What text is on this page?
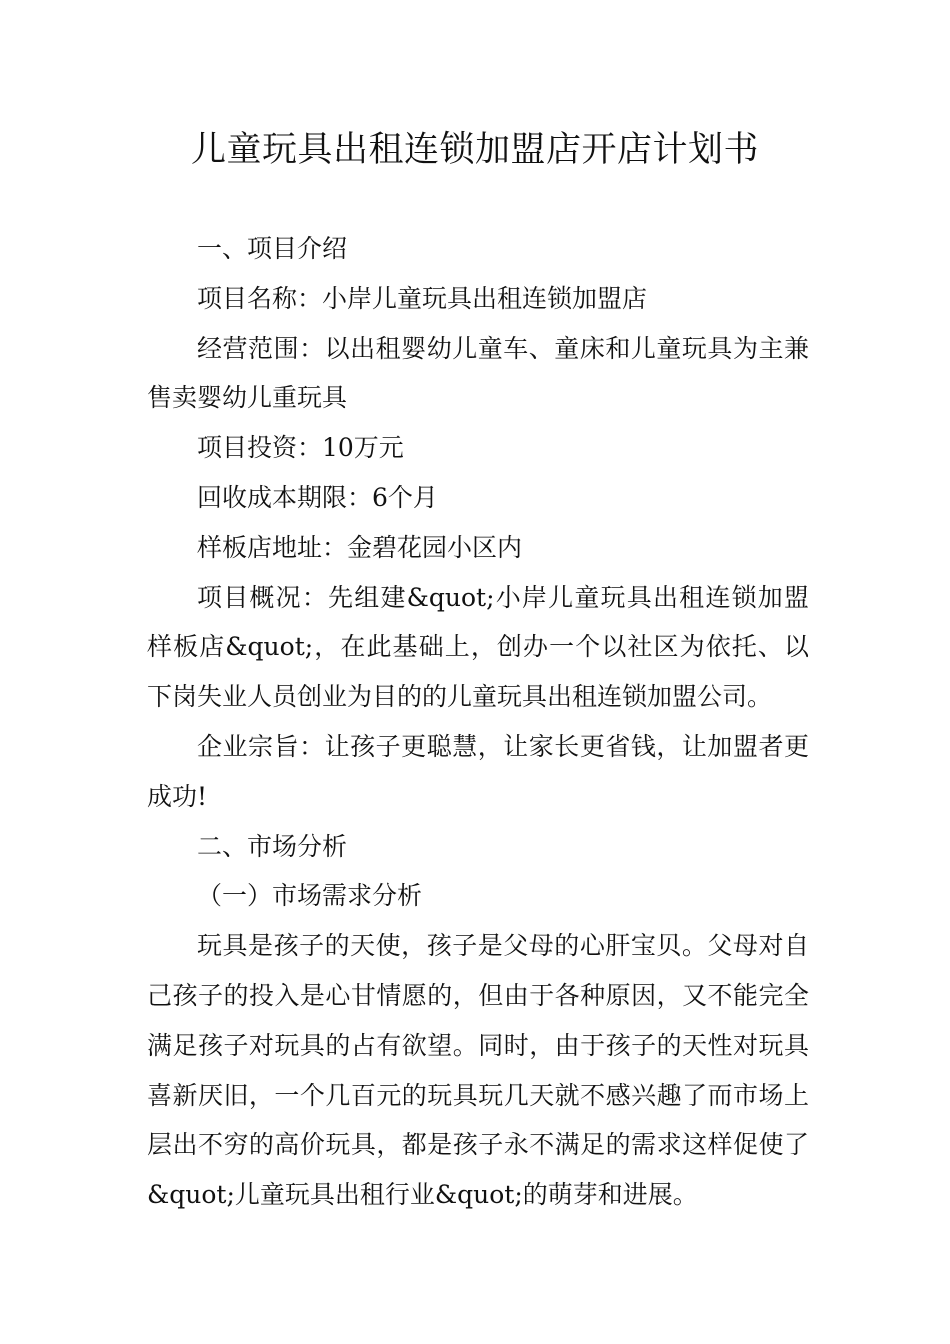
儿童玩具出租连锁加盟店开店计划书

一、项目介绍

项目名称：小岸儿童玩具出租连锁加盟店

经营范围：以出租婴幼儿童车、童床和儿童玩具为主兼售卖婴幼儿重玩具

项目投资：10万元

回收成本期限：6个月

样板店地址：金碧花园小区内

项目概况：先组建&quot;小岸儿童玩具出租连锁加盟样板店&quot;，在此基础上，创办一个以社区为依托、以下岗失业人员创业为目的的儿童玩具出租连锁加盟公司。

企业宗旨：让孩子更聪慧，让家长更省钱，让加盟者更成功!

二、市场分析

（一）市场需求分析

玩具是孩子的天使，孩子是父母的心肝宝贝。父母对自己孩子的投入是心甘情愿的，但由于各种原因，又不能完全满足孩子对玩具的占有欲望。同时，由于孩子的天性对玩具喜新厌旧，一个几百元的玩具玩几天就不感兴趣了而市场上层出不穷的高价玩具，都是孩子永不满足的需求这样促使了&quot;儿童玩具出租行业&quot;的萌芽和进展。
